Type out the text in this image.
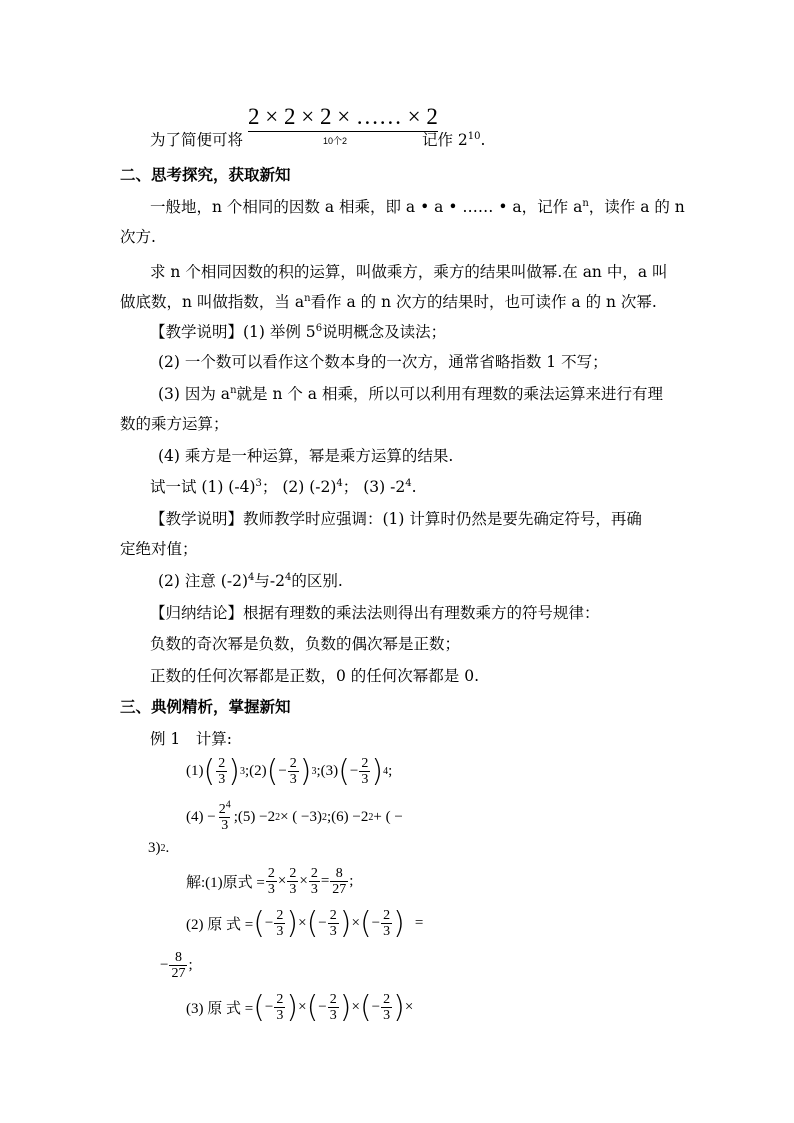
2 × 2 × 2 × …… × 2
10个2
为了简便可将	记作 $2^{10}$.
二、思考探究，获取新知
一般地，n 个相同的因数 a 相乘，即 a • a • …… • a，记作 $a^n$，读作 a 的 n
次方.
求 n 个相同因数的积的运算，叫做乘方，乘方的结果叫做幂.在 an 中，a 叫
做底数，n 叫做指数，当 $a^n$看作 a 的 n 次方的结果时，也可读作 a 的 n 次幂.
【教学说明】(1) 举例 $5^6$说明概念及读法；
(2) 一个数可以看作这个数本身的一次方，通常省略指数 1 不写；
(3) 因为 $a^n$就是 n 个 a 相乘，所以可以利用有理数的乘法运算来进行有理
数的乘方运算；
(4) 乘方是一种运算，幂是乘方运算的结果.
试一试 (1) $(-4)^3$； (2) $(-2)^4$； (3) $-2^4$.
【教学说明】教师教学时应强调：(1) 计算时仍然是要先确定符号，再确
定绝对值；
(2) 注意 $(-2)^4$与$-2^4$的区别.
【归纳结论】根据有理数的乘法法则得出有理数乘方的符号规律：
负数的奇次幂是负数，负数的偶次幂是正数；
正数的任何次幂都是正数，0 的任何次幂都是 0.
三、典例精析，掌握新知
例 1　计算:
(1) ( $\frac{2}{3}$ ) 3 ;(2) ( − $\frac{2}{3}$ ) 3 ;(3) ( − $\frac{2}{3}$ ) 4 ;
$(4) - \frac{2^4}{3}$ ;(5) −2 2 × ( −3) 2 ;(6) −2 2 + ( −
3) 2 .
解:(1)原式 = $\frac{2}{3} \times \frac{2}{3} \times \frac{2}{3} = \frac{8}{27}$ ;
(2) 原 式 = ( − $\frac{2}{3}$ ) × ( − $\frac{2}{3}$ ) × ( − $\frac{2}{3}$ ) =
− $\frac{8}{27}$ ;
(3) 原 式 = ( − $\frac{2}{3}$ ) × ( − $\frac{2}{3}$ ) × ( − $\frac{2}{3}$ ) ×
